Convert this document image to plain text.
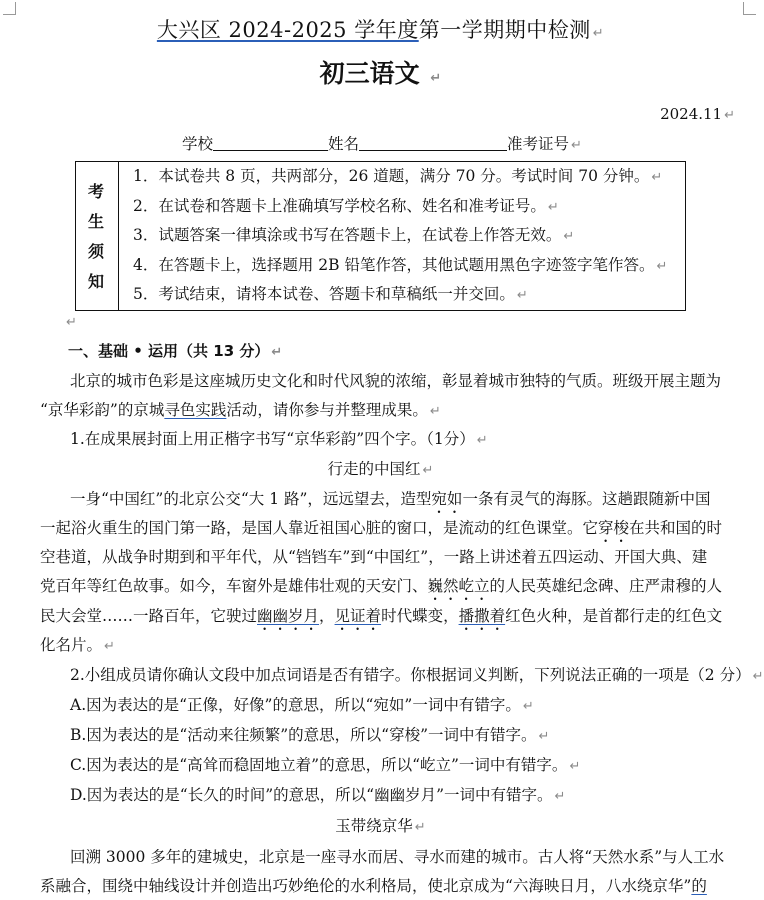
大兴区 2024-2025 学年度第一学期期中检测 ↵
初三语文 ↵
2024.11 ↵
学校	姓名	准考证号 ↵
考
生
须
知
1．本试卷共 8 页，共两部分，26 道题，满分 70 分。考试时间 70 分钟。 ↵
2．在试卷和答题卡上准确填写学校名称、姓名和准考证号。 ↵
3．试题答案一律填涂或书写在答题卡上，在试卷上作答无效。 ↵
4．在答题卡上，选择题用 2B 铅笔作答，其他试题用黑色字迹签字笔作答。 ↵
5．考试结束，请将本试卷、答题卡和草稿纸一并交回。 ↵
↵
一、基础 • 运用（共 13 分） ↵
北京的城市色彩是这座城历史文化和时代风貌的浓缩，彰显着城市独特的气质。班级开展主题为
“京华彩韵”的京城寻色实践活动，请你参与并整理成果。 ↵
1.在成果展封面上用正楷字书写“京华彩韵”四个字。（1分） ↵
行走的中国红 ↵
一身“中国红”的北京公交“大 1 路”，远远望去，造型宛如一条有灵气的海豚。这趟跟随新中国
一起浴火重生的国门第一路，是国人靠近祖国心脏的窗口，是流动的红色课堂。它穿梭在共和国的时
空巷道，从战争时期到和平年代，从“铛铛车”到“中国红”，一路上讲述着五四运动、开国大典、建
党百年等红色故事。如今，车窗外是雄伟壮观的天安门、巍然屹立的人民英雄纪念碑、庄严肃穆的人
民大会堂……一路百年，它驶过幽幽岁月，见证着时代蝶变，播撒着红色火种，是首都行走的红色文
化名片。 ↵
2.小组成员请你确认文段中加点词语是否有错字。你根据词义判断，下列说法正确的一项是（2 分） ↵
A.因为表达的是“正像，好像”的意思，所以“宛如”一词中有错字。 ↵
B.因为表达的是“活动来往频繁”的意思，所以“穿梭”一词中有错字。 ↵
C.因为表达的是“高耸而稳固地立着”的意思，所以“屹立”一词中有错字。 ↵
D.因为表达的是“长久的时间”的意思，所以“幽幽岁月”一词中有错字。 ↵
玉带绕京华 ↵
回溯 3000 多年的建城史，北京是一座寻水而居、寻水而建的城市。古人将“天然水系”与人工水
系融合，围绕中轴线设计并创造出巧妙绝伦的水利格局，使北京成为“六海映日月，八水绕京华”的
